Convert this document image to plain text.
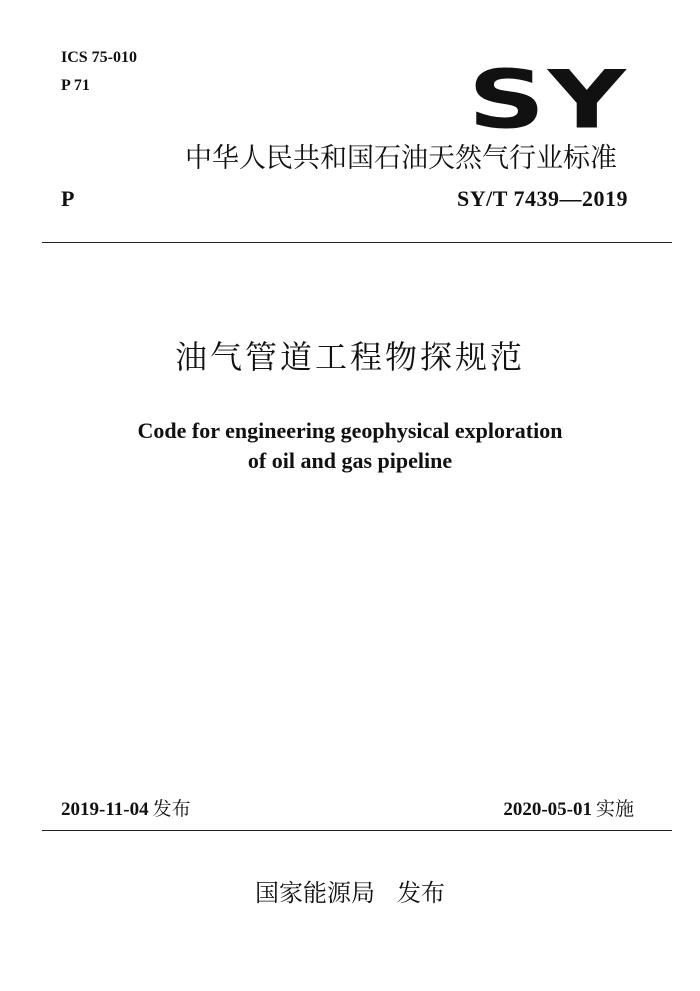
ICS 75-010
P 71	SY
中华人民共和国石油天然气行业标准
P	SY/T 7439—2019
油气管道工程物探规范
Code for engineering geophysical exploration
of oil and gas pipeline
2019-11-04 发布	2020-05-01 实施
国家能源局 发布
